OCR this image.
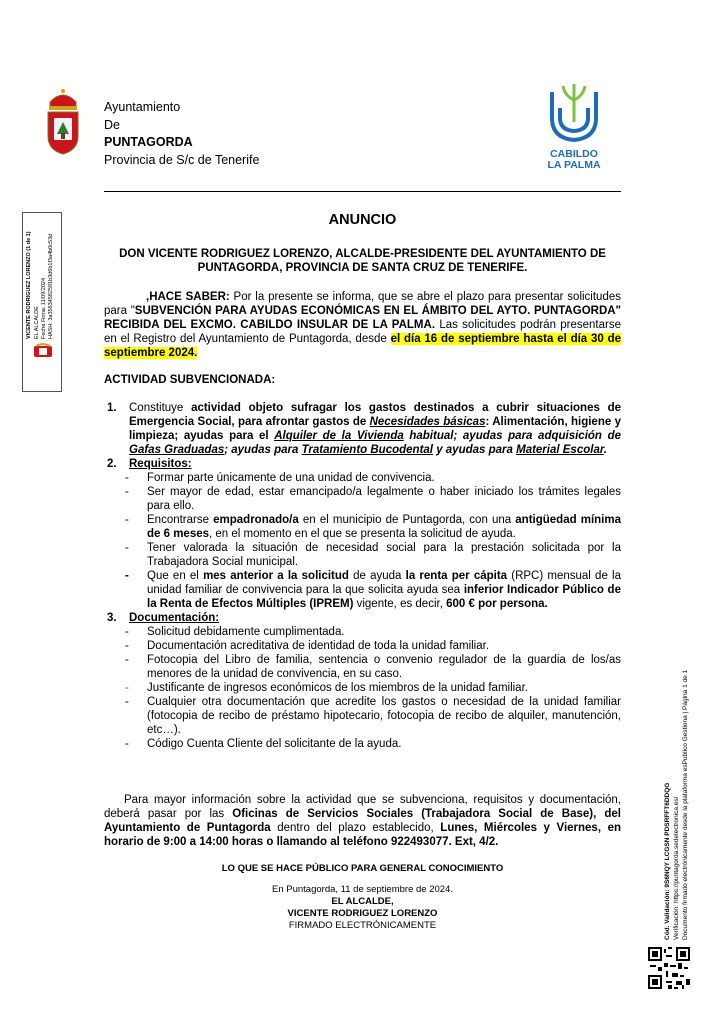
Ayuntamiento
De
PUNTAGORDA
Provincia de S/c de Tenerife	CABILDO
LA PALMA
ANUNCIO
DON VICENTE RODRIGUEZ LORENZO, ALCALDE-PRESIDENTE DEL AYUNTAMIENTO DE PUNTAGORDA, PROVINCIA DE SANTA CRUZ DE TENERIFE.
,HACE SABER: Por la presente se informa, que se abre el plazo para presentar solicitudes para "SUBVENCIÓN PARA AYUDAS ECONÓMICAS EN EL ÁMBITO DEL AYTO. PUNTAGORDA" RECIBIDA DEL EXCMO. CABILDO INSULAR DE LA PALMA. Las solicitudes podrán presentarse en el Registro del Ayuntamiento de Puntagorda, desde el día 16 de septiembre hasta el día 30 de septiembre 2024.
ACTIVIDAD SUBVENCIONADA:
1. Constituye actividad objeto sufragar los gastos destinados a cubrir situaciones de Emergencia Social, para afrontar gastos de Necesidades básicas: Alimentación, higiene y limpieza; ayudas para el Alquiler de la Vivienda habitual; ayudas para adquisición de Gafas Graduadas; ayudas para Tratamiento Bucodental y ayudas para Material Escolar.
2. Requisitos:
- Formar parte únicamente de una unidad de convivencia.
- Ser mayor de edad, estar emancipado/a legalmente o haber iniciado los trámites legales para ello.
- Encontrarse empadronado/a en el municipio de Puntagorda, con una antigüedad mínima de 6 meses, en el momento en el que se presenta la solicitud de ayuda.
- Tener valorada la situación de necesidad social para la prestación solicitada por la Trabajadora Social municipal.
- Que en el mes anterior a la solicitud de ayuda la renta per cápita (RPC) mensual de la unidad familiar de convivencia para la que solicita ayuda sea inferior Indicador Público de la Renta de Efectos Múltiples (IPREM) vigente, es decir, 600 € por persona.
3. Documentación:
- Solicitud debidamente cumplimentada.
- Documentación acreditativa de identidad de toda la unidad familiar.
- Fotocopia del Libro de familia, sentencia o convenio regulador de la guardia de los/as menores de la unidad de convivencia, en su caso.
- Justificante de ingresos económicos de los miembros de la unidad familiar.
- Cualquier otra documentación que acredite los gastos o necesidad de la unidad familiar (fotocopia de recibo de préstamo hipotecario, fotocopia de recibo de alquiler, manutención, etc…).
- Código Cuenta Cliente del solicitante de la ayuda.
Para mayor información sobre la actividad que se subvenciona, requisitos y documentación, deberá pasar por las Oficinas de Servicios Sociales (Trabajadora Social de Base), del Ayuntamiento de Puntagorda dentro del plazo establecido, Lunes, Miércoles y Viernes, en horario de 9:00 a 14:00 horas o llamando al teléfono 922493077. Ext, 4/2.
LO QUE SE HACE PÚBLICO PARA GENERAL CONOCIMIENTO
En Puntagorda, 11 de septiembre de 2024.
EL ALCALDE,
VICENTE RODRIGUEZ LORENZO
FIRMADO ELECTRÓNICAMENTE
VICENTE RODRIGUEZ LORENZO (1 de 1) EL ALCALDE Fecha Firma: 11/09/2024 HASH: 3a35634582591b3d6b1f3a4b0c53d
Cód. Validación: 9S6NQY LCGSN PDSRFFT6DDQG Verificación: https://puntagorda.sedelectronica.es/ Documento firmado electrónicamente desde la plataforma esPublico Gestiona | Página 1 de 1
